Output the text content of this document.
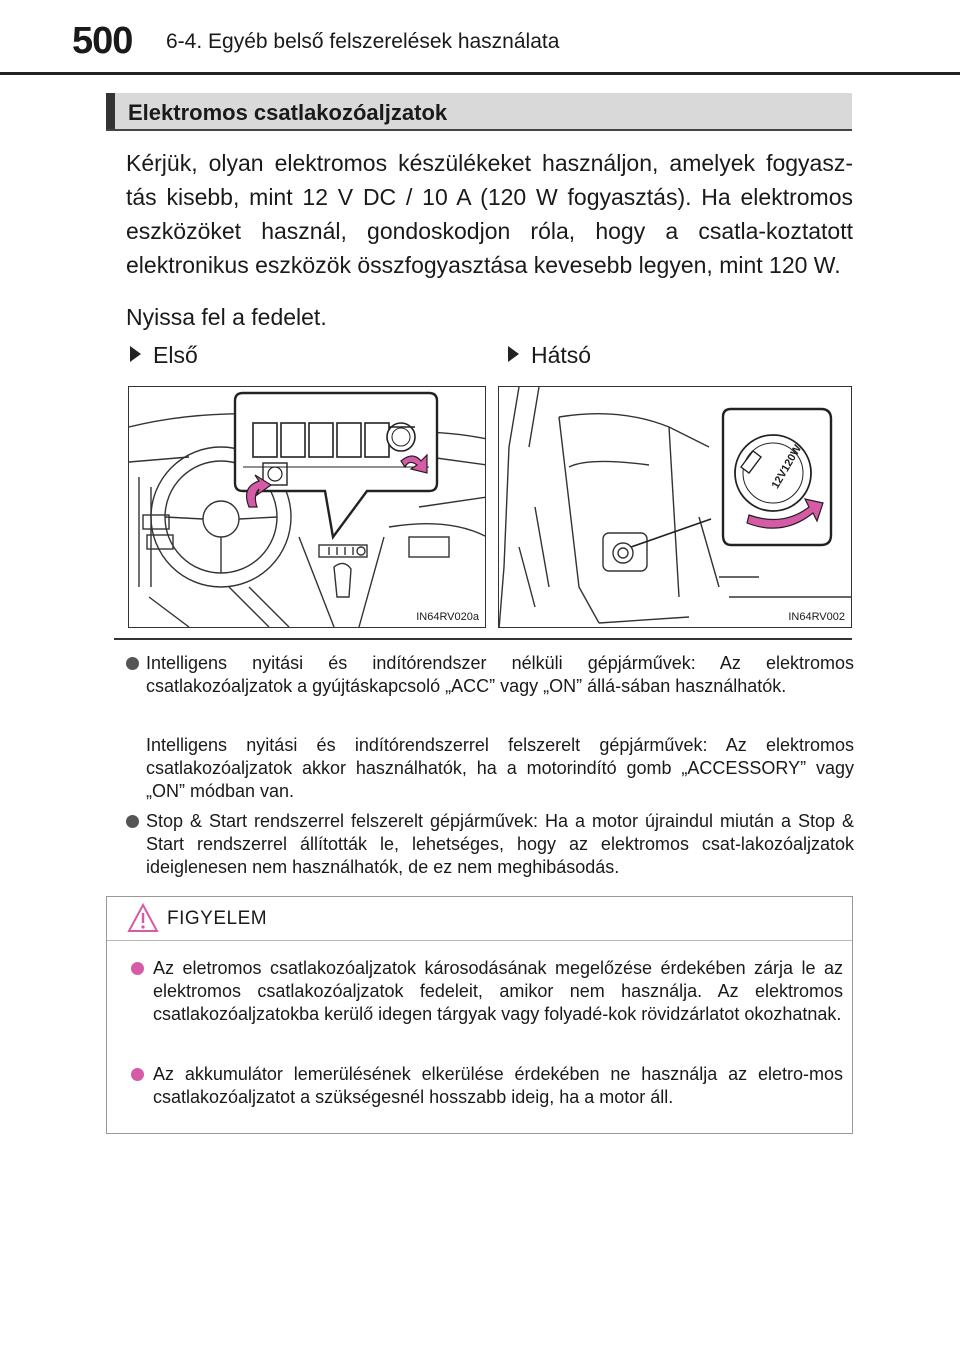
500 6-4. Egyéb belső felszerelések használata
Elektromos csatlakozóaljzatok

Kérjük, olyan elektromos készülékeket használjon, amelyek fogyasz-tás kisebb, mint 12 V DC / 10 A (120 W fogyasztás). Ha elektromos eszközöket használ, gondoskodjon róla, hogy a csatla-koztatott elektronikus eszközök összfogyasztása kevesebb legyen, mint 120 W.

Nyissa fel a fedelet.

Első	Hátsó
IN64RV020a
12V120W
IN64RV002
Intelligens nyitási és indítórendszer nélküli gépjárművek: Az elektromos csatlakozóaljzatok a gyújtáskapcsoló „ACC” vagy „ON” állá-sában használhatók.
Intelligens nyitási és indítórendszerrel felszerelt gépjárművek: Az elektromos csatlakozóaljzatok akkor használhatók, ha a motorindító gomb „ACCESSORY” vagy „ON” módban van.
Stop & Start rendszerrel felszerelt gépjárművek: Ha a motor újraindul miután a Stop & Start rendszerrel állították le, lehetséges, hogy az elektromos csat-lakozóaljzatok ideiglenesen nem használhatók, de ez nem meghibásodás.
FIGYELEM
Az eletromos csatlakozóaljzatok károsodásának megelőzése érdekében zárja le az elektromos csatlakozóaljzatok fedeleit, amikor nem használja. Az elektromos csatlakozóaljzatokba kerülő idegen tárgyak vagy folyadé-kok rövidzárlatot okozhatnak.
Az akkumulátor lemerülésének elkerülése érdekében ne használja az eletro-mos csatlakozóaljzatot a szükségesnél hosszabb ideig, ha a motor áll.
